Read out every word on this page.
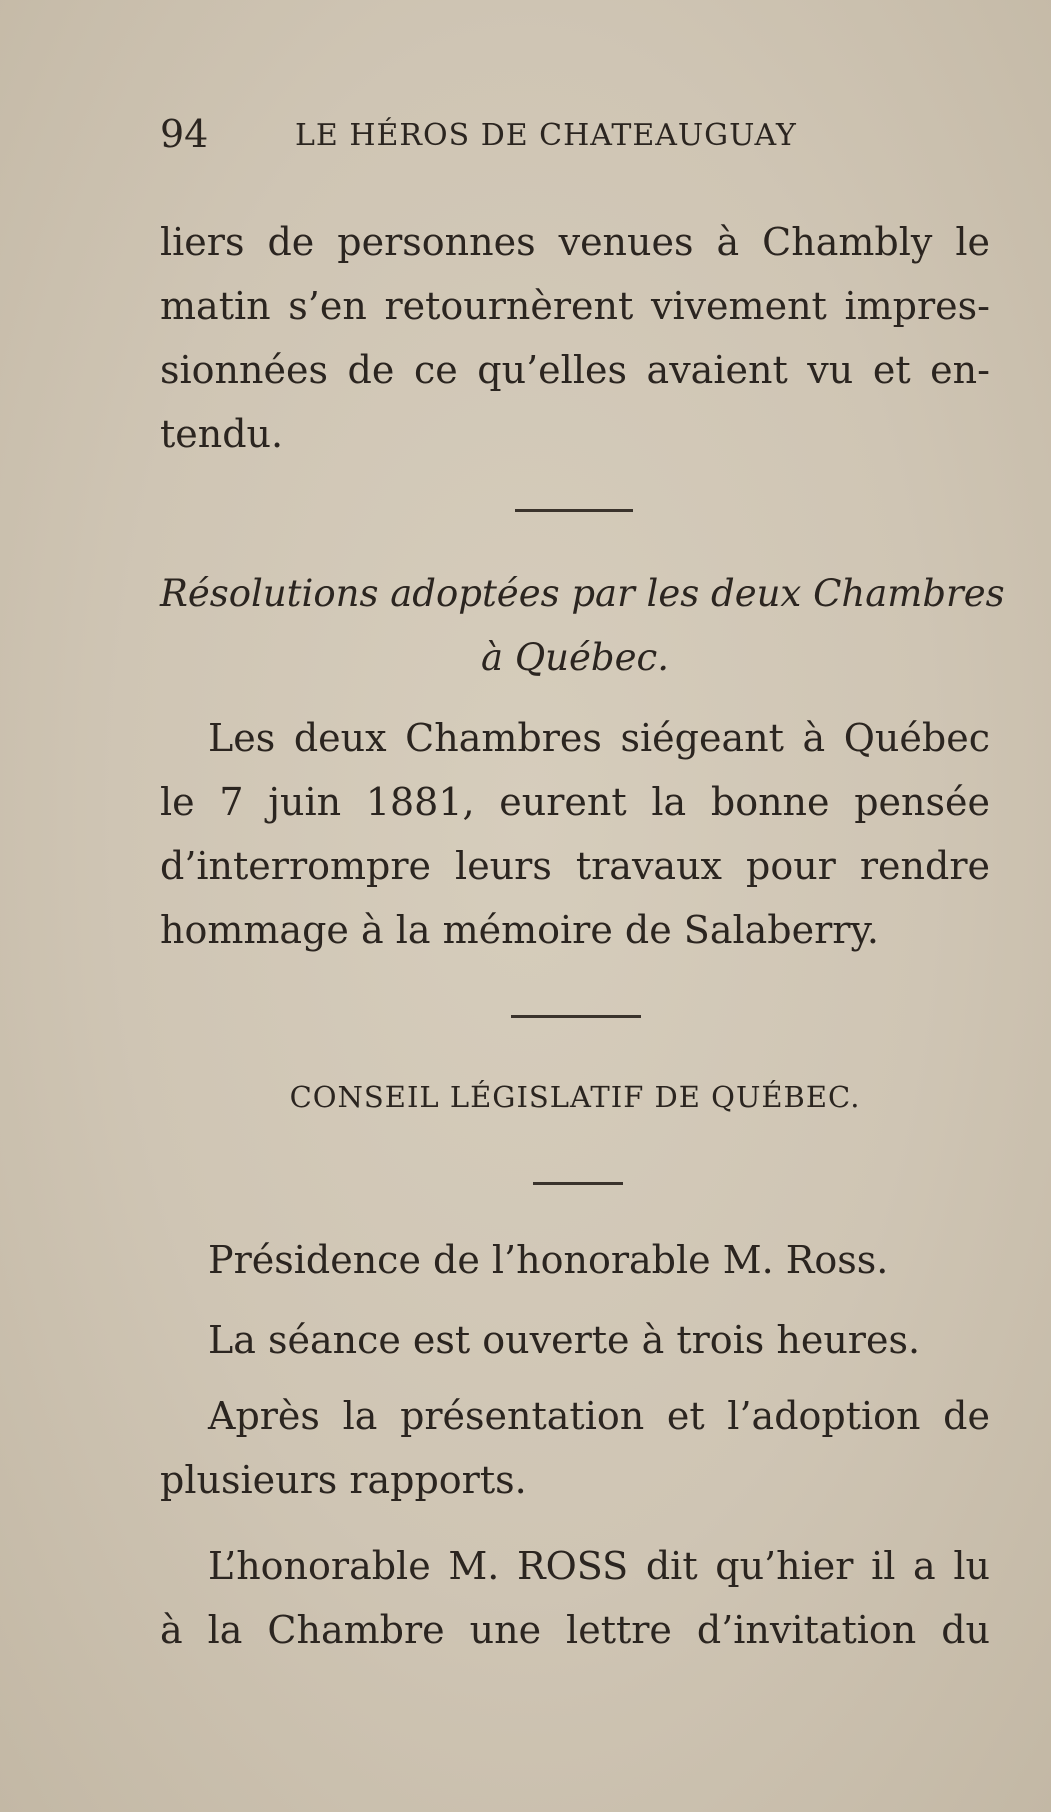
94	LE HÉROS DE CHATEAUGUAY

liers de personnes venues à Chambly le
matin s’en retournèrent vivement impres-
sionnées de ce qu’elles avaient vu et en-
tendu.

Résolutions adoptées par les deux Chambres
à Québec.

Les deux Chambres siégeant à Québec
le 7 juin 1881, eurent la bonne pensée
d’interrompre leurs travaux pour rendre
hommage à la mémoire de Salaberry.

CONSEIL LÉGISLATIF DE QUÉBEC.

Présidence de l’honorable M. Ross.

La séance est ouverte à trois heures.

Après la présentation et l’adoption de
plusieurs rapports.

L’honorable M. ROSS dit qu’hier il a lu
à la Chambre une lettre d’invitation du
